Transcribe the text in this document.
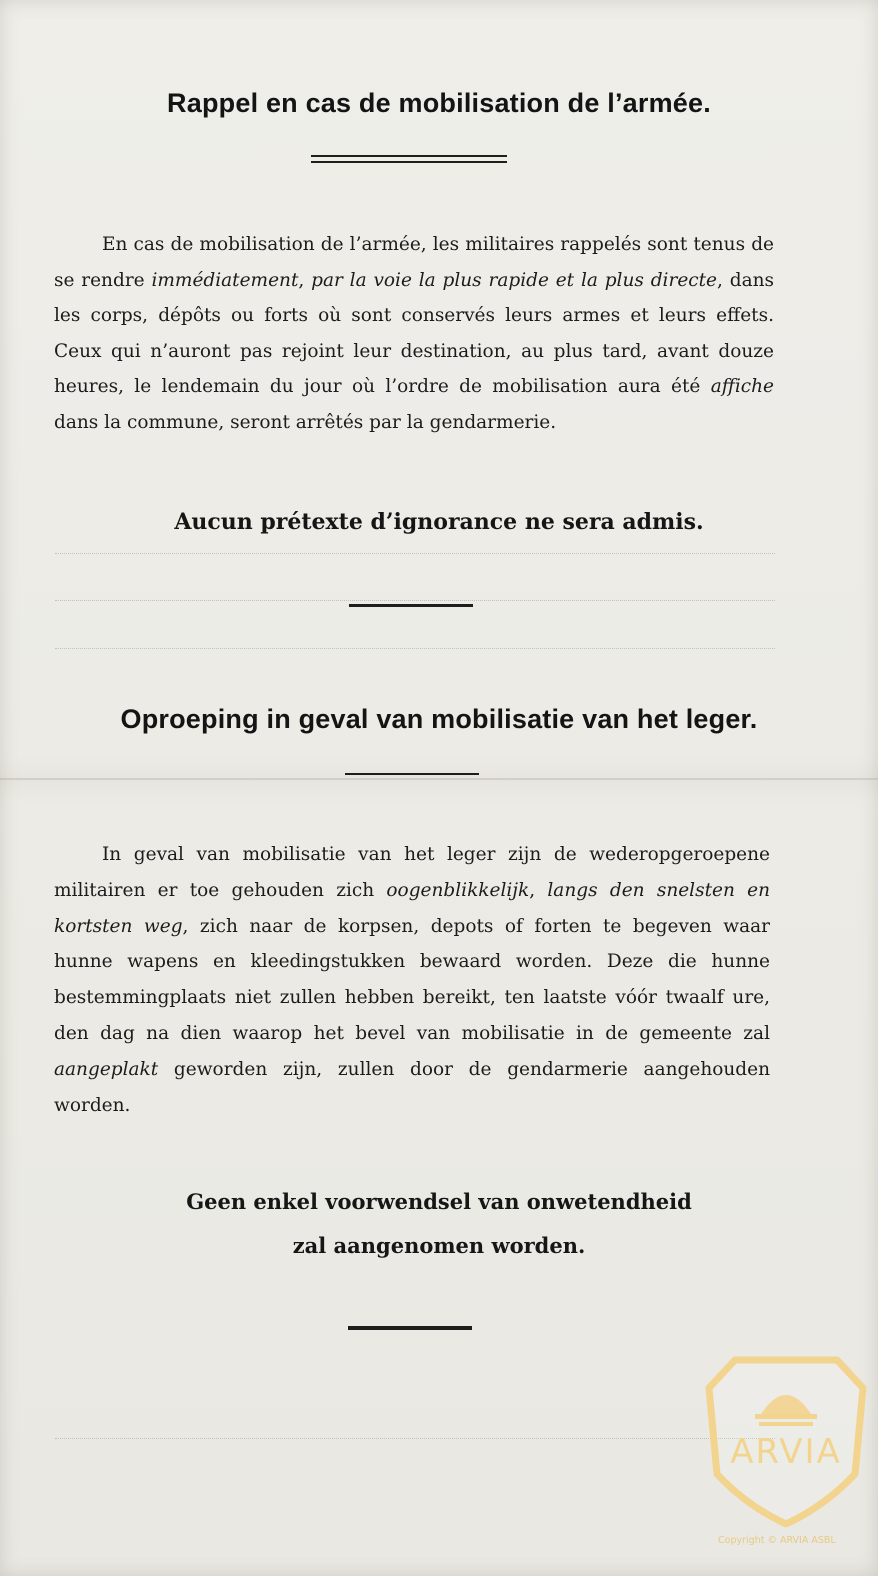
Rappel en cas de mobilisation de l’armée.

En cas de mobilisation de l’armée, les militaires rappelés sont tenus de se rendre immédiatement, par la voie la plus rapide et la plus directe, dans les corps, dépôts ou forts où sont conservés leurs armes et leurs effets. Ceux qui n’auront pas rejoint leur destination, au plus tard, avant douze heures, le lendemain du jour où l’ordre de mobilisation aura été affiche dans la commune, seront arrêtés par la gendarmerie.

Aucun prétexte d’ignorance ne sera admis.

Oproeping in geval van mobilisatie van het leger.

In geval van mobilisatie van het leger zijn de wederopgeroepene militairen er toe gehouden zich oogenblikkelijk, langs den snelsten en kortsten weg, zich naar de korpsen, depots of forten te begeven waar hunne wapens en kleedingstukken bewaard worden. Deze die hunne bestemmingplaats niet zullen hebben bereikt, ten laatste vóór twaalf ure, den dag na dien waarop het bevel van mobilisatie in de gemeente zal aangeplakt geworden zijn, zullen door de gendarmerie aangehouden worden.

Geen enkel voorwendsel van onwetendheid
zal aangenomen worden.

ARVIA
Copyright © ARVIA ASBL
